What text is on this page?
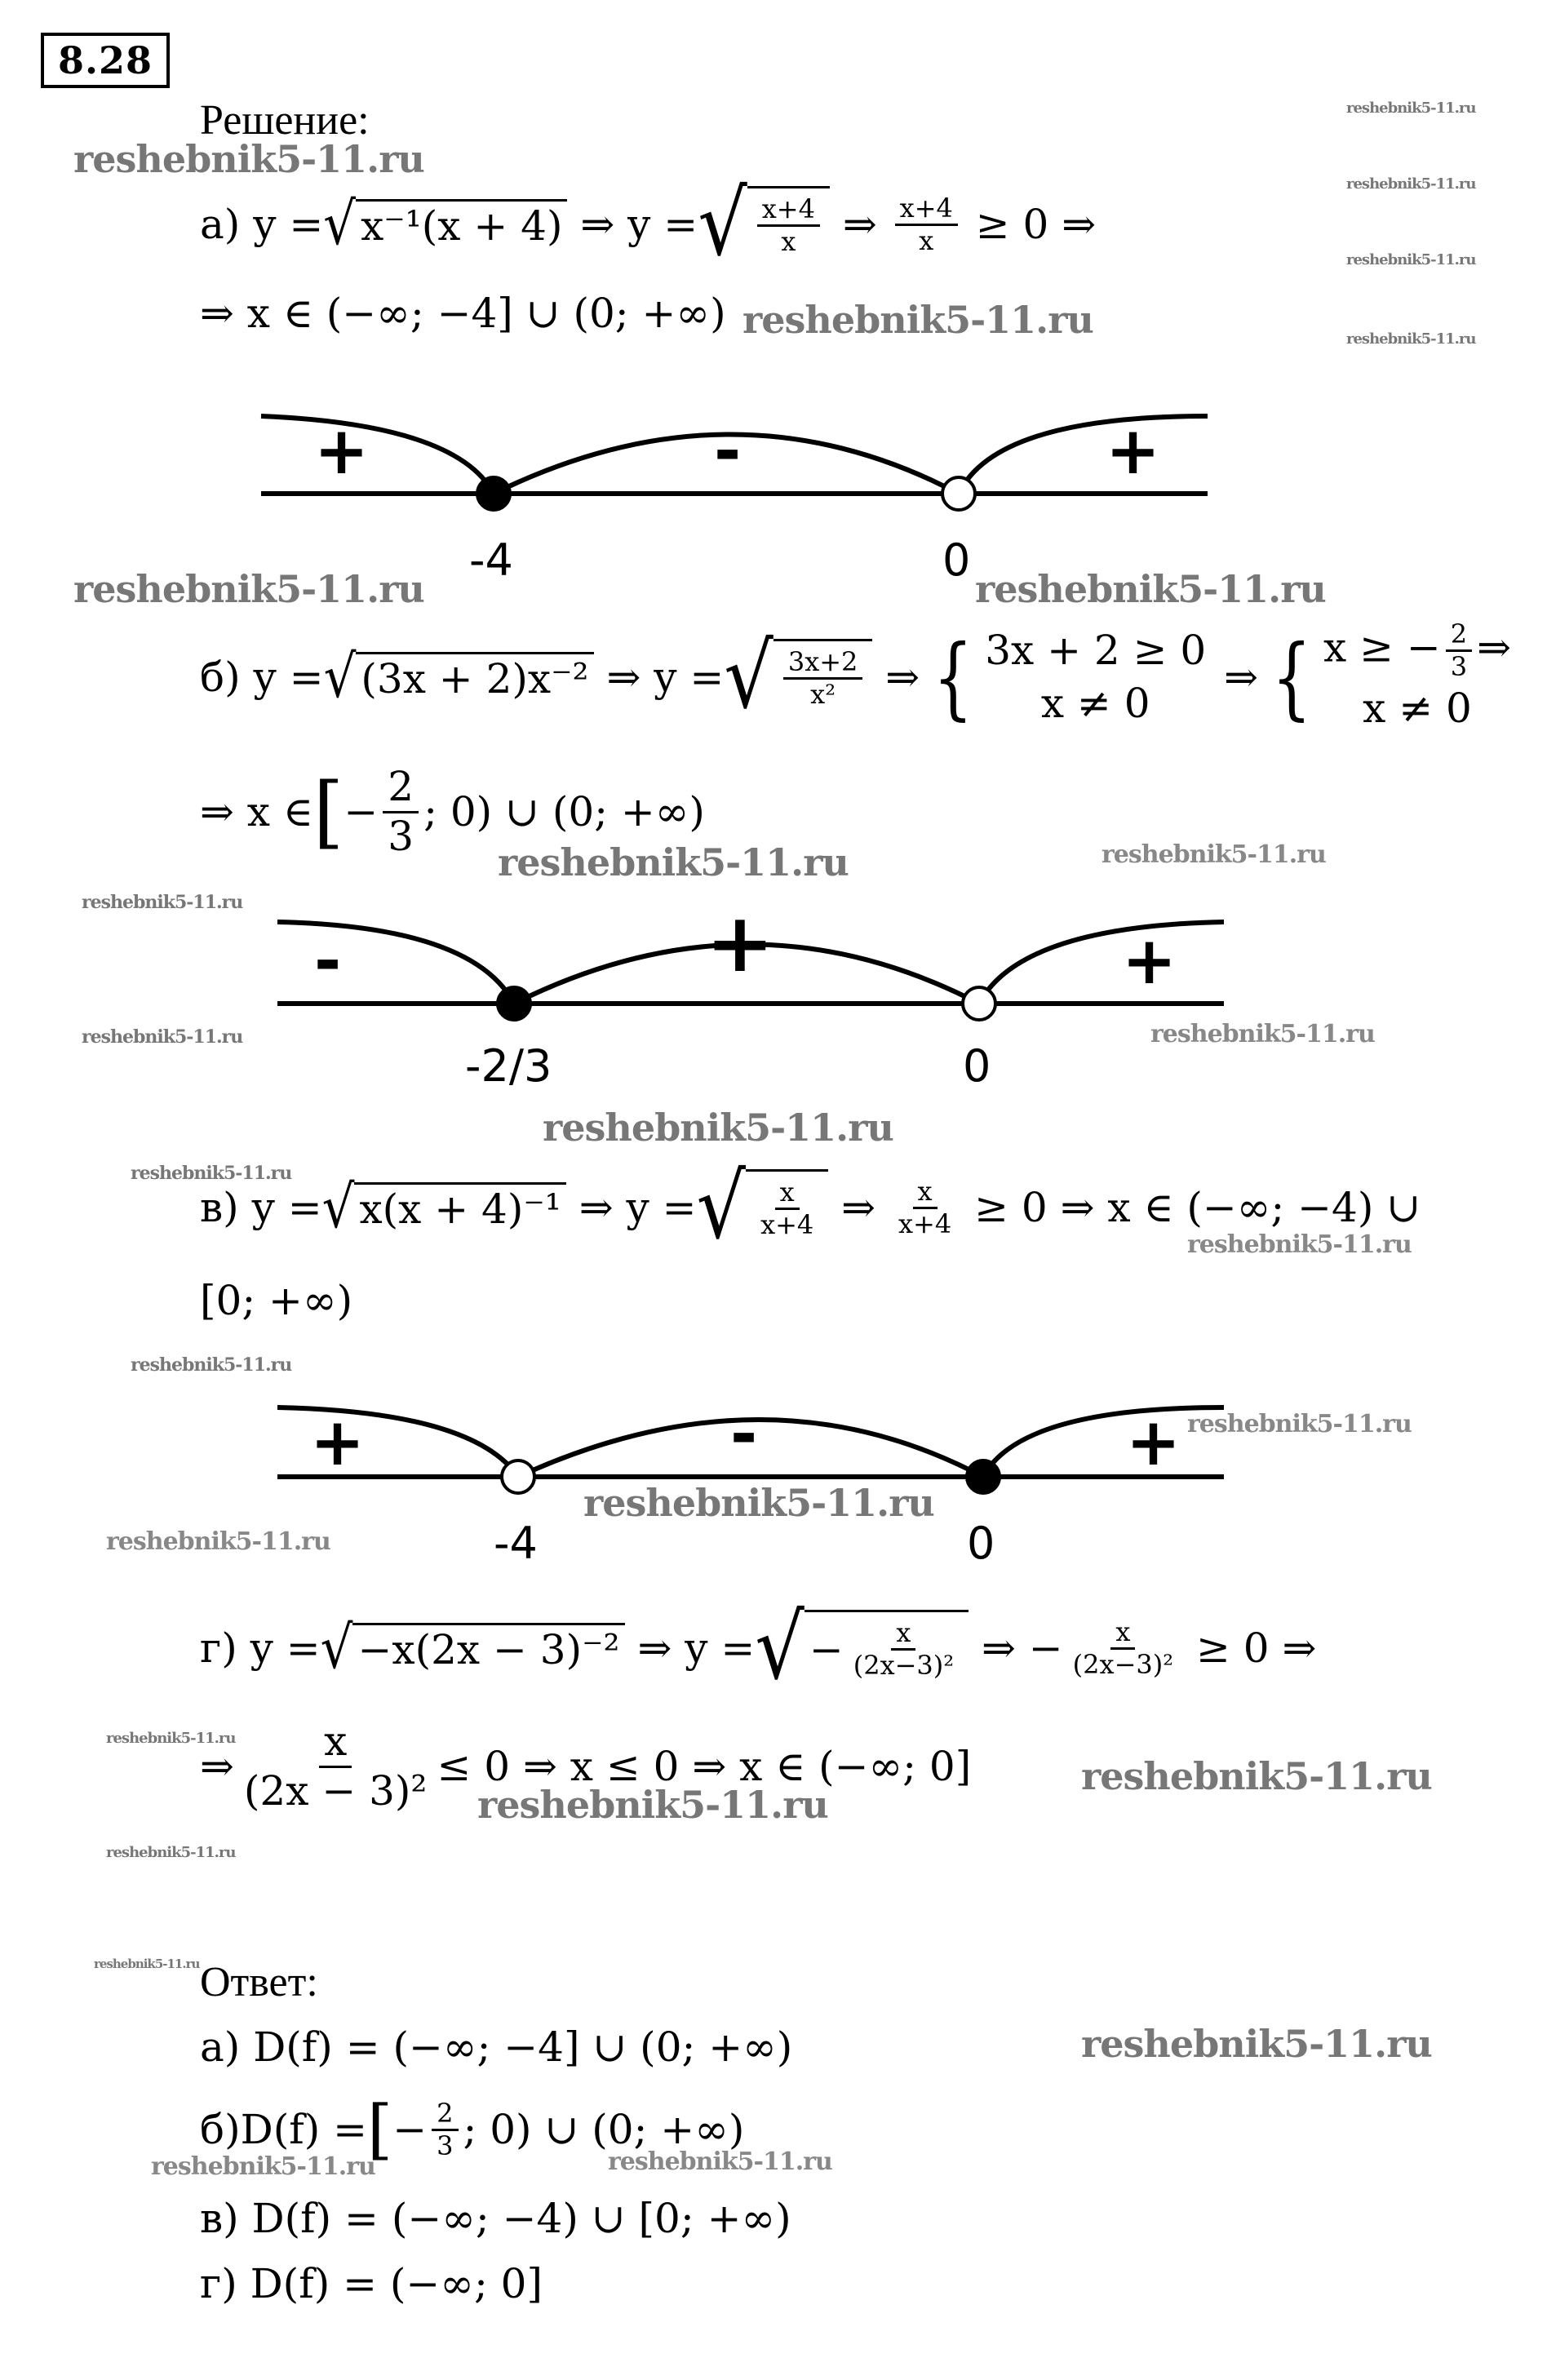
8.28
Решение:
а)
y = √ x⁻¹(x + 4)
⇒ y = √ $\frac{x+4}{x}$ ⇒ $\frac{x+4}{x}$
≥ 0 ⇒
⇒ x ∈ (−∞; −4] ∪ (0; +∞)
+	-	+
-4	0
б)
y = √ (3x + 2)x⁻²
⇒ y = √ $\frac{3x+2}{\text{x²}}$ ⇒ { 3x + 2 ≥ 0
x ≠ 0
⇒ { x ≥ − $\frac{2}{3}$ ⇒
x ≠ 0
⇒ x ∈ [ − $\frac{2}{3}$ ; 0) ∪ (0; +∞)
-	+	+
-2/3	0
в)
y = √ x(x + 4)⁻¹
⇒ y = √ $\frac{x}{x+4}$ ⇒ $\frac{x}{x+4}$
≥ 0 ⇒ x ∈ (−∞; −4) ∪
[0; +∞)
+	-	+
-4	0
г)
y = √ −x(2x − 3)⁻²
⇒ y = √ − $\frac{x}{\text{(2x−3)²}}$ ⇒ − $\frac{x}{\text{(2x−3)²}}$
≥ 0 ⇒
⇒ $\frac{x}{\text{(2x − 3)²}} \le 0$ ⇒ x ≤ 0 ⇒ x ∈ (−∞; 0]
Ответ:
а) D(f) = (−∞; −4] ∪ (0; +∞)
б)D(f) = [ − $\frac{2}{3}$ ; 0) ∪ (0; +∞)
в) D(f) = (−∞; −4) ∪ [0; +∞)
г) D(f) = (−∞; 0]
reshebnik5-11.ru
reshebnik5-11.ru
reshebnik5-11.ru	reshebnik5-11.ru
reshebnik5-11.ru
reshebnik5-11.ru
reshebnik5-11.ru
reshebnik5-11.ru
reshebnik5-11.ru
reshebnik5-11.ru
reshebnik5-11.ru
reshebnik5-11.ru
reshebnik5-11.ru
reshebnik5-11.ru
reshebnik5-11.ru
reshebnik5-11.ru	reshebnik5-11.ru
reshebnik5-11.ru
reshebnik5-11.ru
reshebnik5-11.ru
reshebnik5-11.ru
reshebnik5-11.ru
reshebnik5-11.ru
reshebnik5-11.ru
reshebnik5-11.ru
reshebnik5-11.ru
reshebnik5-11.ru
reshebnik5-11.ru
